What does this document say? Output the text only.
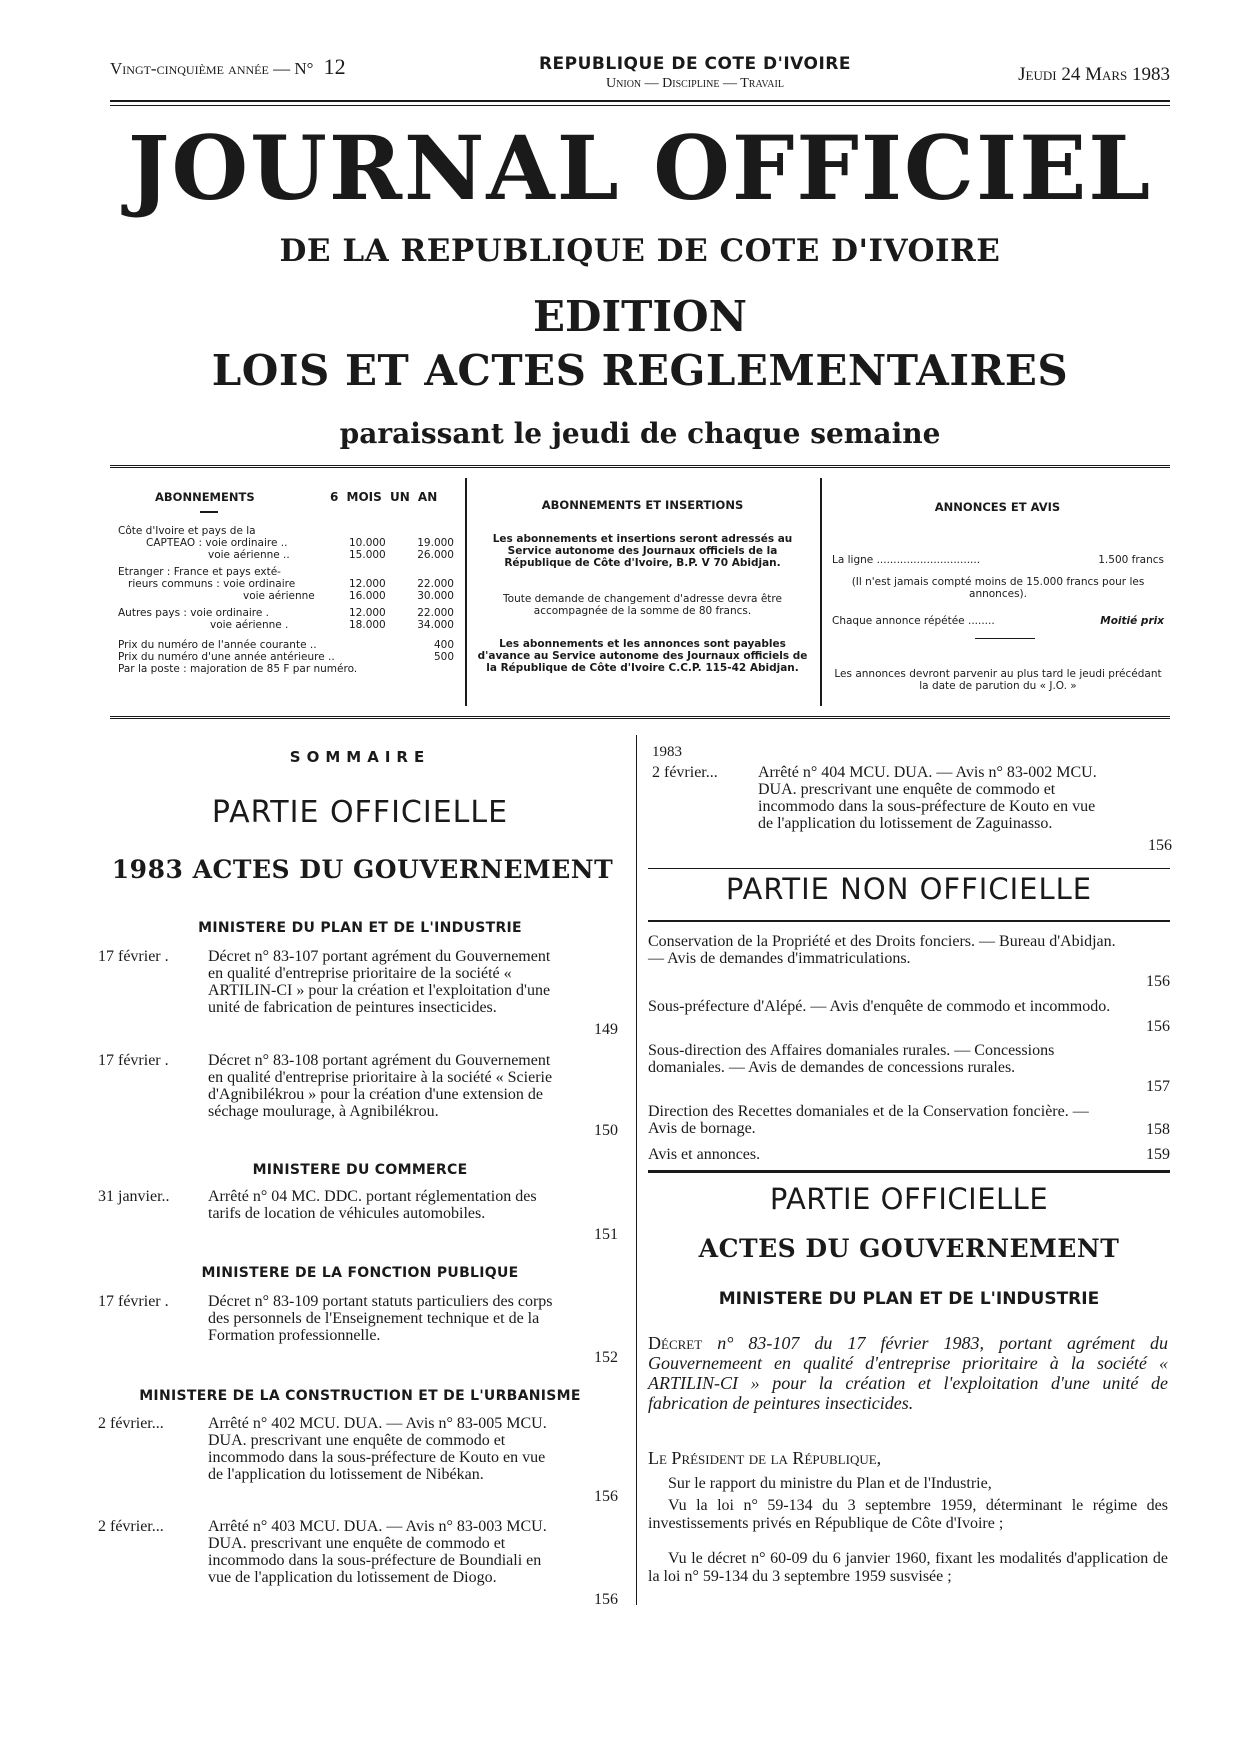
Vingt-cinquième année — N° 12	REPUBLIQUE DE COTE D'IVOIRE
Union — Discipline — Travail	Jeudi 24 Mars 1983
JOURNAL OFFICIEL
DE LA REPUBLIQUE DE COTE D'IVOIRE
EDITION
LOIS ET ACTES REGLEMENTAIRES
paraissant le jeudi de chaque semaine
ABONNEMENTS	6 MOIS UN AN
Côte d'Ivoire et pays de la
CAPTEAO : voie ordinaire ..	10.000	19.000
voie aérienne ..	15.000	26.000
Etranger : France et pays exté-
rieurs communs : voie ordinaire	12.000	22.000
voie aérienne	16.000	30.000
Autres pays : voie ordinaire .	12.000	22.000
voie aérienne .	18.000	34.000
Prix du numéro de l'année courante ..	400
Prix du numéro d'une année antérieure ..	500
Par la poste : majoration de 85 F par numéro.
ABONNEMENTS ET INSERTIONS
Les abonnements et insertions seront adressés au Service autonome des Journaux officiels de la République de Côte d'Ivoire, B.P. V 70 Abidjan.
Toute demande de changement d'adresse devra être accompagnée de la somme de 80 francs.
Les abonnements et les annonces sont payables d'avance au Service autonome des Journaux officiels de la République de Côte d'Ivoire C.C.P. 115-42 Abidjan.
ANNONCES ET AVIS
La ligne ...............................	1.500 francs
(Il n'est jamais compté moins de 15.000 francs pour les annonces).
Chaque annonce répétée ........	Moitié prix
Les annonces devront parvenir au plus tard le jeudi précédant la date de parution du « J.O. »
SOMMAIRE
PARTIE OFFICIELLE
1983 ACTES DU GOUVERNEMENT
MINISTERE DU PLAN ET DE L'INDUSTRIE
17 février . Décret n° 83-107 portant agrément du Gouvernement en qualité d'entreprise prioritaire de la société « ARTILIN-CI » pour la création et l'exploitation d'une unité de fabrication de peintures insecticides.
149
17 février . Décret n° 83-108 portant agrément du Gouvernement en qualité d'entreprise prioritaire à la société « Scierie d'Agnibilékrou » pour la création d'une extension de séchage moulurage, à Agnibilékrou.
150
MINISTERE DU COMMERCE
31 janvier.. Arrêté n° 04 MC. DDC. portant réglementation des tarifs de location de véhicules automobiles.
151
MINISTERE DE LA FONCTION PUBLIQUE
17 février . Décret n° 83-109 portant statuts particuliers des corps des personnels de l'Enseignement technique et de la Formation professionnelle.
152
MINISTERE DE LA CONSTRUCTION ET DE L'URBANISME
2 février...	Arrêté n° 402 MCU. DUA. — Avis n° 83-005 MCU. DUA. prescrivant une enquête de commodo et incommodo dans la sous-préfecture de Kouto en vue de l'application du lotissement de Nibékan.
156
2 février...	Arrêté n° 403 MCU. DUA. — Avis n° 83-003 MCU. DUA. prescrivant une enquête de commodo et incommodo dans la sous-préfecture de Boundiali en vue de l'application du lotissement de Diogo.
156
1983
2 février...	Arrêté n° 404 MCU. DUA. — Avis n° 83-002 MCU. DUA. prescrivant une enquête de commodo et incommodo dans la sous-préfecture de Kouto en vue de l'application du lotissement de Zaguinasso.
156
PARTIE NON OFFICIELLE
Conservation de la Propriété et des Droits fonciers. — Bureau d'Abidjan. — Avis de demandes d'immatriculations.
156
Sous-préfecture d'Alépé. — Avis d'enquête de commodo et incommodo.
156
Sous-direction des Affaires domaniales rurales. — Concessions domaniales. — Avis de demandes de concessions rurales.
157
Direction des Recettes domaniales et de la Conservation foncière. — Avis de bornage.	158
Avis et annonces.	159
PARTIE OFFICIELLE
ACTES DU GOUVERNEMENT
MINISTERE DU PLAN ET DE L'INDUSTRIE
Décret n° 83-107 du 17 février 1983, portant agrément du Gouvernemeent en qualité d'entreprise prioritaire à la société « ARTILIN-CI » pour la création et l'exploitation d'une unité de fabrication de peintures insecticides.
Le Président de la République,
Sur le rapport du ministre du Plan et de l'Industrie,
Vu la loi n° 59-134 du 3 septembre 1959, déterminant le régime des investissements privés en République de Côte d'Ivoire ;
Vu le décret n° 60-09 du 6 janvier 1960, fixant les modalités d'application de la loi n° 59-134 du 3 septembre 1959 susvisée ;
